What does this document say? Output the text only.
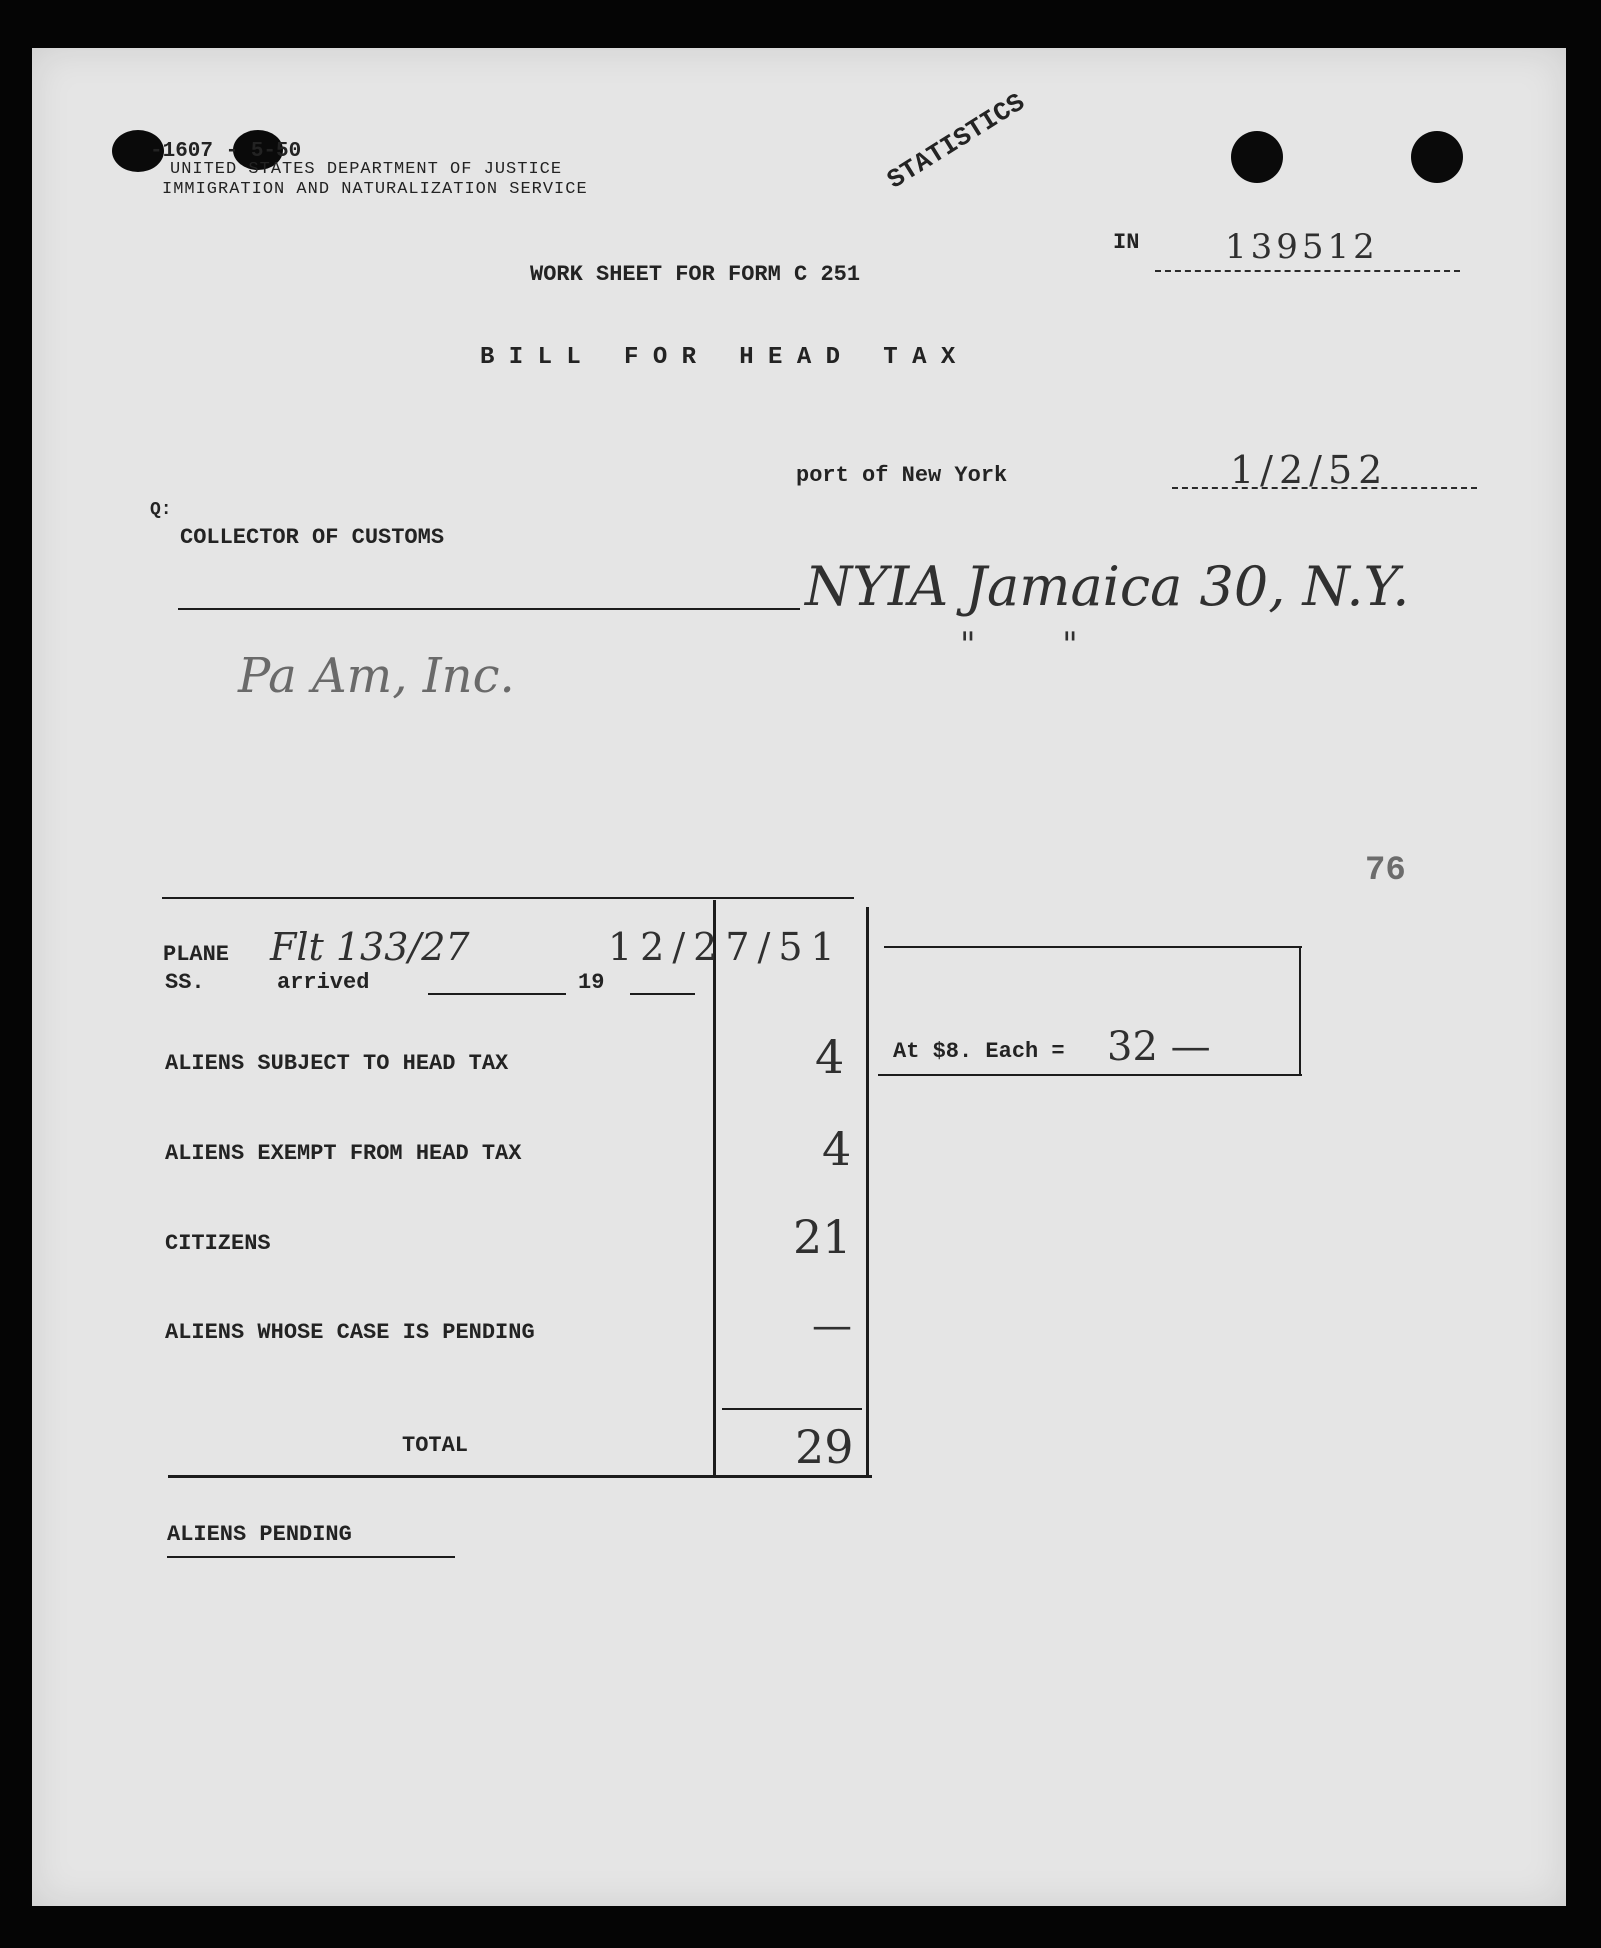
-1607 - 5-50
UNITED STATES DEPARTMENT OF JUSTICE
IMMIGRATION AND NATURALIZATION SERVICE	STATISTICS
IN	139512
WORK SHEET FOR FORM C 251
B I L L   F O R   H E A D   T A X
port of New York	1/2/52
Q:
COLLECTOR OF CUSTOMS
NYIA Jamaica 30, N.Y.
"        "
Pa Am, Inc.
76
PLANE Flt 133/27	12/27/51
SS.	arrived	19
ALIENS SUBJECT TO HEAD TAX	4
ALIENS EXEMPT FROM HEAD TAX	4
CITIZENS	21
ALIENS WHOSE CASE IS PENDING	—
TOTAL	29
At $8. Each = 32 —
ALIENS PENDING
